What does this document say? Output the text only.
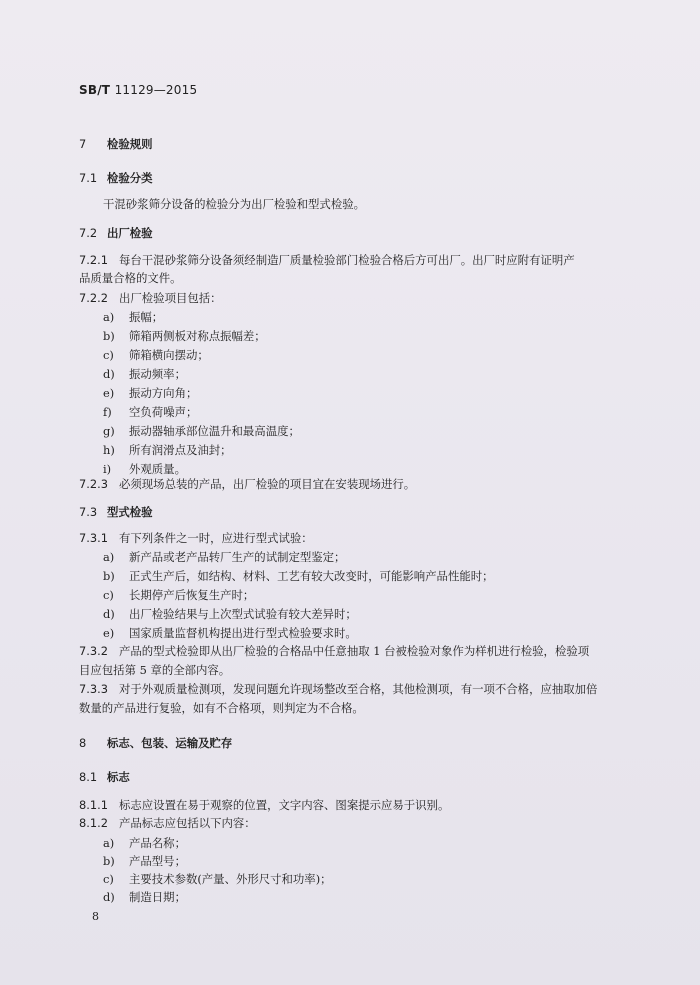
SB/T 11129—2015
7 检验规则
7.1 检验分类
干混砂浆筛分设备的检验分为出厂检验和型式检验。
7.2 出厂检验
7.2.1 每台干混砂浆筛分设备须经制造厂质量检验部门检验合格后方可出厂。出厂时应附有证明产
品质量合格的文件。
7.2.2 出厂检验项目包括：
a) 振幅；
b) 筛箱两侧板对称点振幅差；
c) 筛箱横向摆动；
d) 振动频率；
e) 振动方向角；
f) 空负荷噪声；
g) 振动器轴承部位温升和最高温度；
h) 所有润滑点及油封；
i) 外观质量。
7.2.3 必须现场总装的产品，出厂检验的项目宜在安装现场进行。
7.3 型式检验
7.3.1 有下列条件之一时，应进行型式试验：
a) 新产品或老产品转厂生产的试制定型鉴定；
b) 正式生产后，如结构、材料、工艺有较大改变时，可能影响产品性能时；
c) 长期停产后恢复生产时；
d) 出厂检验结果与上次型式试验有较大差异时；
e) 国家质量监督机构提出进行型式检验要求时。
7.3.2 产品的型式检验即从出厂检验的合格品中任意抽取 1 台被检验对象作为样机进行检验，检验项
目应包括第 5 章的全部内容。
7.3.3 对于外观质量检测项，发现问题允许现场整改至合格，其他检测项，有一项不合格，应抽取加倍
数量的产品进行复验，如有不合格项，则判定为不合格。
8 标志、包装、运输及贮存
8.1 标志
8.1.1 标志应设置在易于观察的位置，文字内容、图案提示应易于识别。
8.1.2 产品标志应包括以下内容：
a) 产品名称；
b) 产品型号；
c) 主要技术参数(产量、外形尺寸和功率)；
d) 制造日期；
8
